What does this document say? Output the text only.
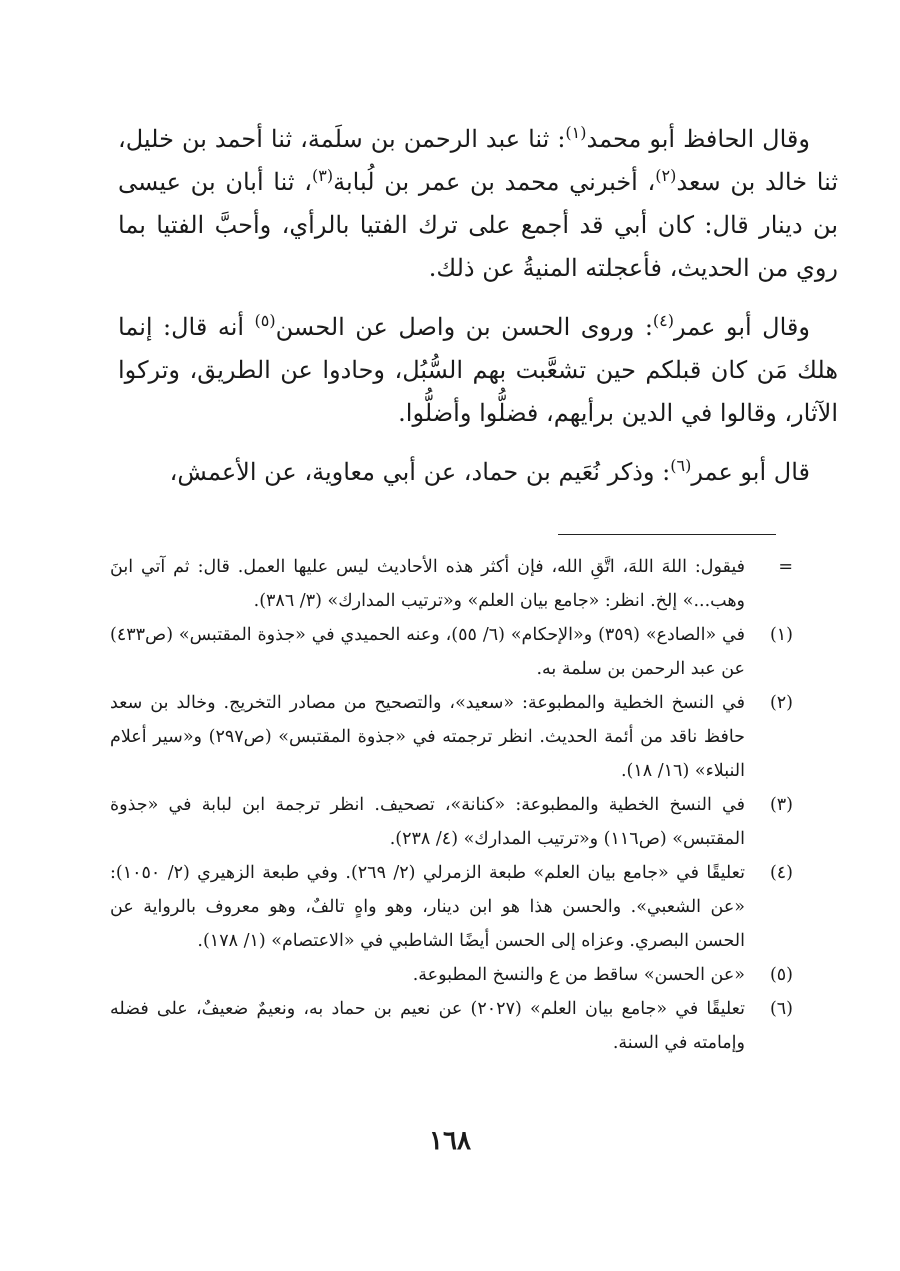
وقال الحافظ أبو محمد$^{(١)}$: ثنا عبد الرحمن بن سلَمة، ثنا أحمد بن خليل، ثنا خالد بن سعد$^{(٢)}$، أخبرني محمد بن عمر بن لُبابة$^{(٣)}$، ثنا أبان بن عيسى بن دينار قال: كان أبي قد أجمع على ترك الفتيا بالرأي، وأحبَّ الفتيا بما روي من الحديث، فأعجلته المنيةُ عن ذلك.

وقال أبو عمر$^{(٤)}$: وروى الحسن بن واصل عن الحسن$^{(٥)}$ أنه قال: إنما هلك مَن كان قبلكم حين تشعَّبت بهم السُّبُل، وحادوا عن الطريق، وتركوا الآثار، وقالوا في الدين برأيهم، فضلُّوا وأضلُّوا.

قال أبو عمر$^{(٦)}$: وذكر نُعَيم بن حماد، عن أبي معاوية، عن الأعمش،

=
فيقول: اللهَ اللهَ، اتَّقِ الله، فإن أكثر هذه الأحاديث ليس عليها العمل. قال: ثم آتي ابنَ وهب...» إلخ. انظر: «جامع بيان العلم» و«ترتيب المدارك» (٣/ ٣٨٦).
(١)
في «الصادع» (٣٥٩) و«الإحكام» (٦/ ٥٥)، وعنه الحميدي في «جذوة المقتبس» (ص٤٣٣) عن عبد الرحمن بن سلمة به.
(٢)
في النسخ الخطية والمطبوعة: «سعيد»، والتصحيح من مصادر التخريج. وخالد بن سعد حافظ ناقد من أئمة الحديث. انظر ترجمته في «جذوة المقتبس» (ص٢٩٧) و«سير أعلام النبلاء» (١٦/ ١٨).
(٣)
في النسخ الخطية والمطبوعة: «كنانة»، تصحيف. انظر ترجمة ابن لبابة في «جذوة المقتبس» (ص١١٦) و«ترتيب المدارك» (٤/ ٢٣٨).
(٤)
تعليقًا في «جامع بيان العلم» طبعة الزمرلي (٢/ ٢٦٩). وفي طبعة الزهيري (٢/ ١٠٥٠): «عن الشعبي». والحسن هذا هو ابن دينار، وهو واهٍ تالفٌ، وهو معروف بالرواية عن الحسن البصري. وعزاه إلى الحسن أيضًا الشاطبي في «الاعتصام» (١/ ١٧٨).
(٥)
«عن الحسن» ساقط من ع والنسخ المطبوعة.
(٦)
تعليقًا في «جامع بيان العلم» (٢٠٢٧) عن نعيم بن حماد به، ونعيمٌ ضعيفٌ، على فضله وإمامته في السنة.
١٦٨
